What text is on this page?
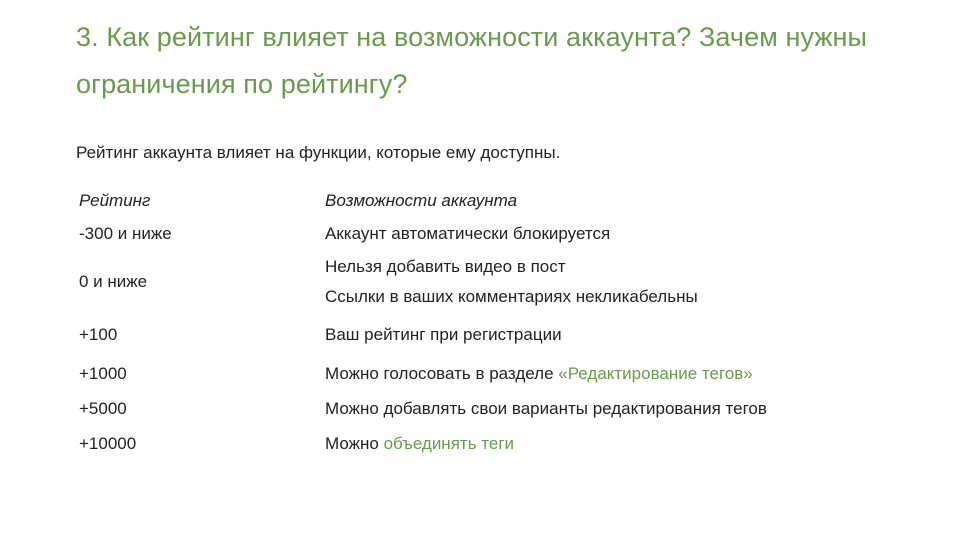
3. Как рейтинг влияет на возможности аккаунта? Зачем нужны ограничения по рейтингу?

Рейтинг аккаунта влияет на функции, которые ему доступны.

Рейтинг	Возможности аккаунта
-300 и ниже	Аккаунт автоматически блокируется
0 и ниже	Нельзя добавить видео в пост
Ссылки в ваших комментариях некликабельны

+100	Ваш рейтинг при регистрации
+1000	Можно голосовать в разделе «Редактирование тегов»
+5000	Можно добавлять свои варианты редактирования тегов
+10000	Можно объединять теги
